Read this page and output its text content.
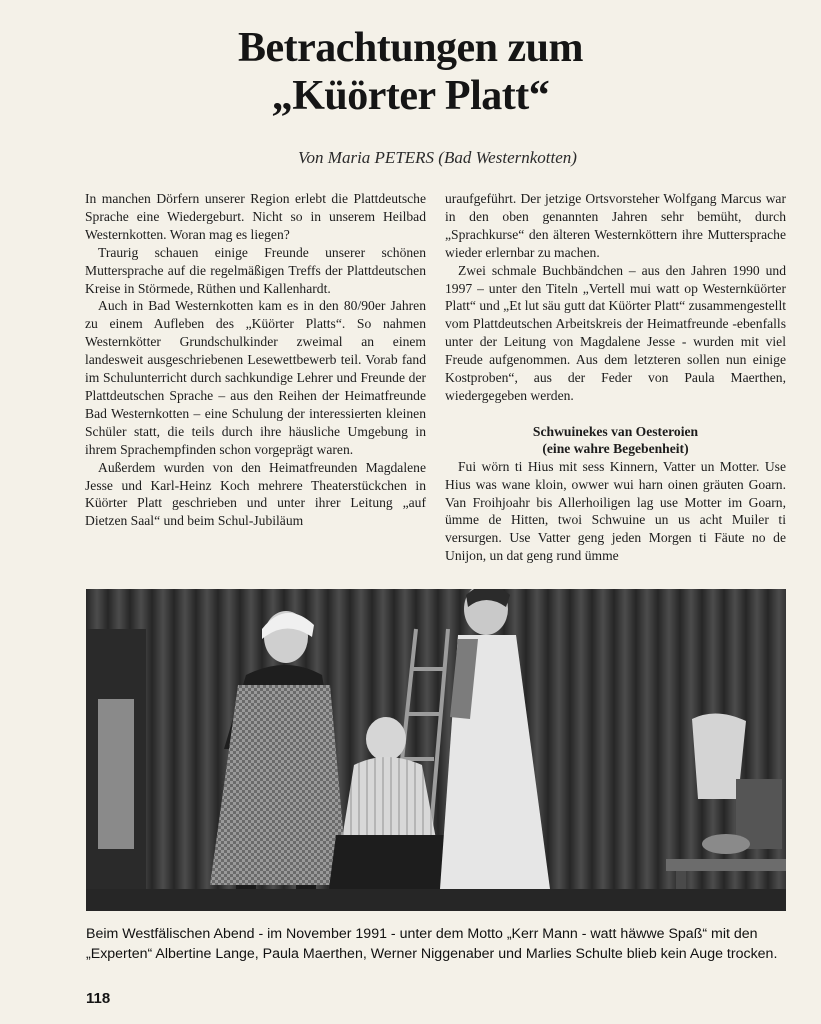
Betrachtungen zum
„Küörter Platt“
Von Maria PETERS (Bad Westernkotten)

In manchen Dörfern unserer Region erlebt die Plattdeutsche Sprache eine Wiedergeburt. Nicht so in unserem Heilbad Westernkotten. Woran mag es liegen?

Traurig schauen einige Freunde unserer schönen Muttersprache auf die regelmäßigen Treffs der Plattdeutschen Kreise in Störmede, Rüthen und Kallenhardt.

Auch in Bad Westernkotten kam es in den 80/90er Jahren zu einem Aufleben des „Küörter Platts“. So nahmen Westernkötter Grundschulkinder zweimal an einem landesweit ausgeschriebenen Lesewettbewerb teil. Vorab fand im Schulunterricht durch sachkundige Lehrer und Freunde der Plattdeutschen Sprache – aus den Reihen der Heimatfreunde Bad Westernkotten – eine Schulung der interessierten kleinen Schüler statt, die teils durch ihre häusliche Umgebung in ihrem Sprachempfinden schon vorgeprägt waren.

Außerdem wurden von den Heimatfreunden Magdalene Jesse und Karl-Heinz Koch mehrere Theaterstückchen in Küörter Platt geschrieben und unter ihrer Leitung „auf Dietzen Saal“ und beim Schul-Jubiläum

uraufgeführt. Der jetzige Ortsvorsteher Wolfgang Marcus war in den oben genannten Jahren sehr bemüht, durch „Sprachkurse“ den älteren Westernköttern ihre Muttersprache wieder erlernbar zu machen.

Zwei schmale Buchbändchen – aus den Jahren 1990 und 1997 – unter den Titeln „Vertell mui watt op Westernküörter Platt“ und „Et lut säu gutt dat Küörter Platt“ zusammengestellt vom Plattdeutschen Arbeitskreis der Heimatfreunde -ebenfalls unter der Leitung von Magdalene Jesse - wurden mit viel Freude aufgenommen. Aus dem letzteren sollen nun einige Kostproben“, aus der Feder von Paula Maerthen, wiedergegeben werden.

Schwuinekes van Oesteroien
(eine wahre Begebenheit)

Fui wörn ti Hius mit sess Kinnern, Vatter un Motter. Use Hius was wane kloin, owwer wui harn oinen gräuten Goarn. Van Froihjoahr bis Allerhoiligen lag use Motter im Goarn, ümme de Hitten, twoi Schwuine un us acht Muiler ti versurgen. Use Vatter geng jeden Morgen ti Fäute no de Unijon, un dat geng rund ümme

Beim Westfälischen Abend - im November 1991 - unter dem Motto „Kerr Mann - watt häwwe Spaß“ mit den „Experten“ Albertine Lange, Paula Maerthen, Werner Niggenaber und Marlies Schulte blieb kein Auge trocken.
118
